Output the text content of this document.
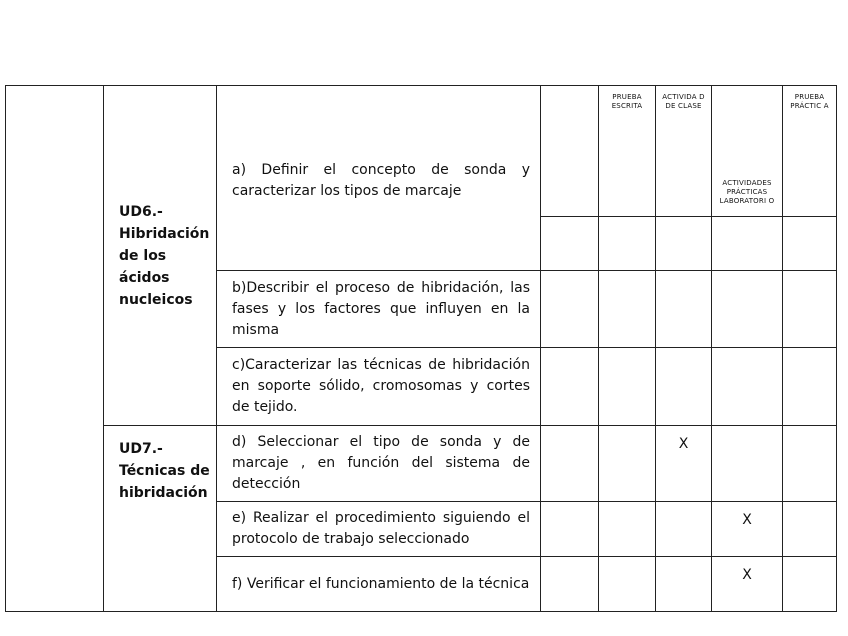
	UD6.- Hibridación de los ácidos nucleicos	a) Definir el concepto de sonda y caracterizar los tipos de marcaje		PRUEBA ESCRITA	ACTIVIDA D DE CLASE	ACTIVIDADES PRÁCTICAS LABORATORI O	PRUEBA PRÁCTIC A

		b)Describir el proceso de hibridación, las fases y los factores que influyen en la misma					
		c)Caracterizar las técnicas de hibridación en soporte sólido, cromosomas y cortes de tejido.					
	UD7.- Técnicas de hibridación	d) Seleccionar el tipo de sonda y de marcaje , en función del sistema de detección			X		
		e) Realizar el procedimiento siguiendo el protocolo de trabajo seleccionado				X	
		f) Verificar el funcionamiento de la técnica				X	
